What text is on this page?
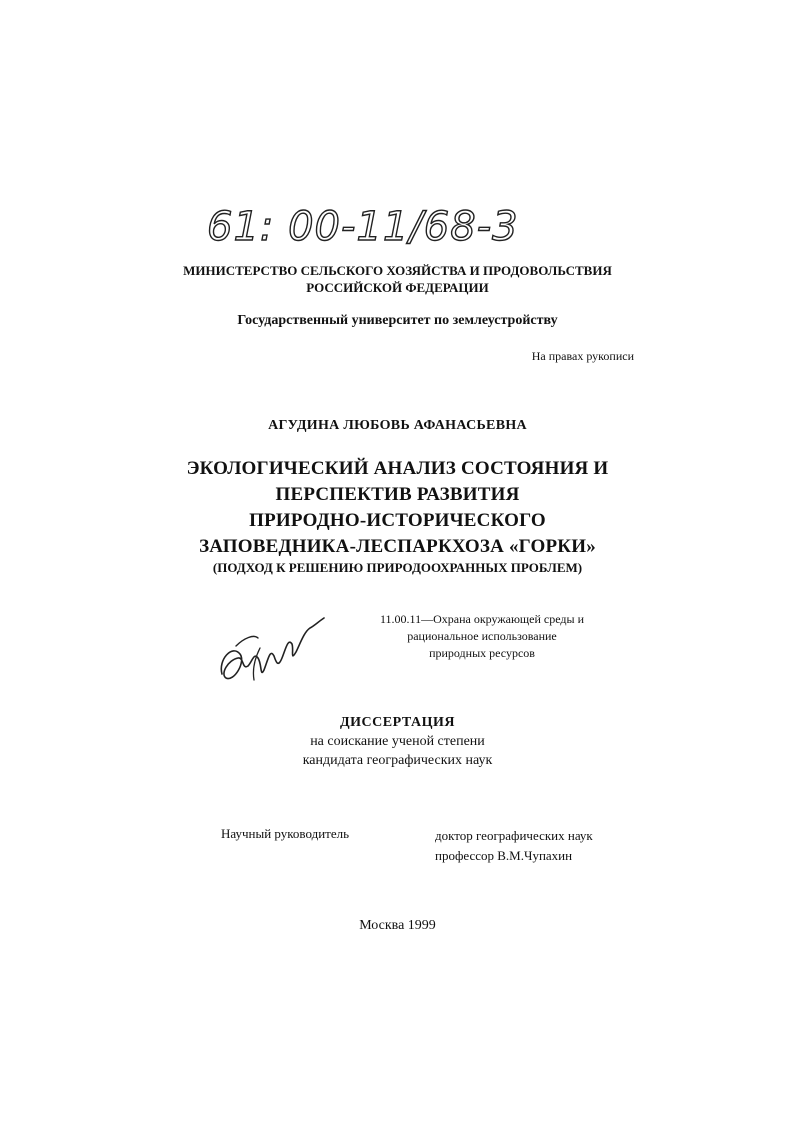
61: 00-11/68-3
МИНИСТЕРСТВО СЕЛЬСКОГО ХОЗЯЙСТВА И ПРОДОВОЛЬСТВИЯ
РОССИЙСКОЙ ФЕДЕРАЦИИ
Государственный университет по землеустройству
На правах рукописи
АГУДИНА ЛЮБОВЬ АФАНАСЬЕВНА
ЭКОЛОГИЧЕСКИЙ АНАЛИЗ СОСТОЯНИЯ И
ПЕРСПЕКТИВ РАЗВИТИЯ
ПРИРОДНО-ИСТОРИЧЕСКОГО
ЗАПОВЕДНИКА-ЛЕСПАРКХОЗА «ГОРКИ»
(ПОДХОД К РЕШЕНИЮ ПРИРОДООХРАННЫХ ПРОБЛЕМ)
11.00.11—Охрана окружающей среды и
рациональное использование
природных ресурсов
ДИССЕРТАЦИЯ
на соискание ученой степени
кандидата географических наук
Научный руководитель	доктор географических наук
профессор В.М.Чупахин
Москва 1999
